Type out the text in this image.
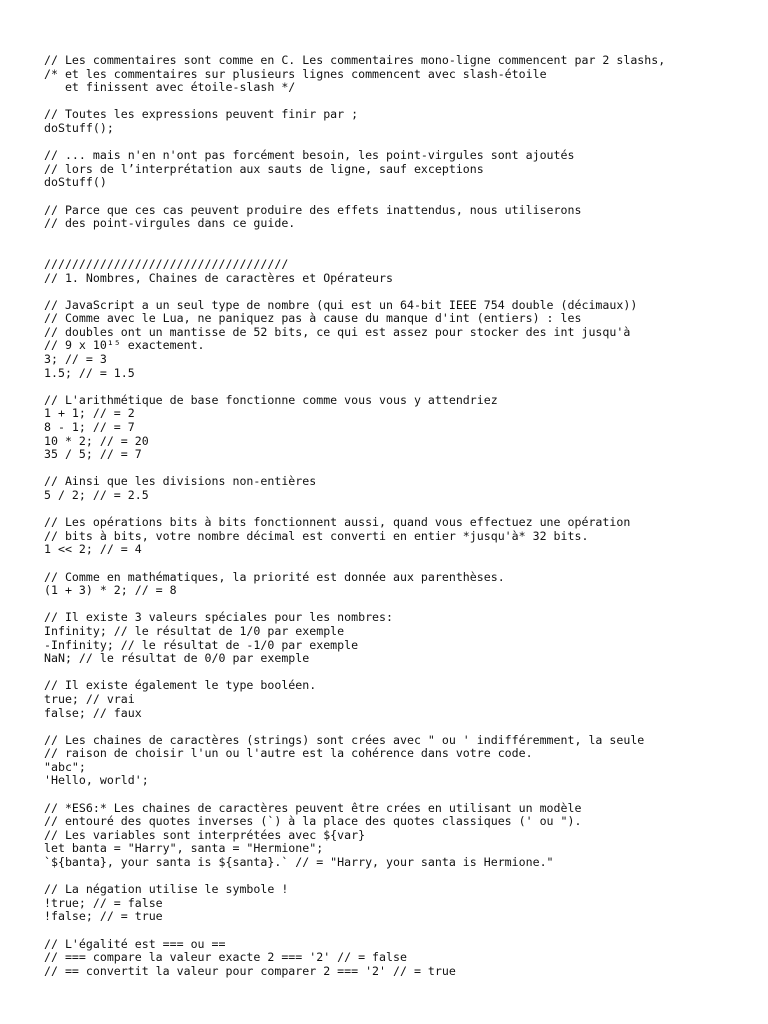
// Les commentaires sont comme en C. Les commentaires mono-ligne commencent par 2 slashs,
/* et les commentaires sur plusieurs lignes commencent avec slash-étoile
et finissent avec étoile-slash */
// Toutes les expressions peuvent finir par ;
doStuff();
// ... mais n'en n'ont pas forcément besoin, les point-virgules sont ajoutés
// lors de l’interprétation aux sauts de ligne, sauf exceptions
doStuff()
// Parce que ces cas peuvent produire des effets inattendus, nous utiliserons
// des point-virgules dans ce guide.
///////////////////////////////////
// 1. Nombres, Chaines de caractères et Opérateurs
// JavaScript a un seul type de nombre (qui est un 64-bit IEEE 754 double (décimaux))
// Comme avec le Lua, ne paniquez pas à cause du manque d'int (entiers) : les
// doubles ont un mantisse de 52 bits, ce qui est assez pour stocker des int jusqu'à
// 9 x 10¹⁵ exactement.
3; // = 3
1.5; // = 1.5
// L'arithmétique de base fonctionne comme vous vous y attendriez
1 + 1; // = 2
8 - 1; // = 7
10 * 2; // = 20
35 / 5; // = 7
// Ainsi que les divisions non-entières
5 / 2; // = 2.5
// Les opérations bits à bits fonctionnent aussi, quand vous effectuez une opération
// bits à bits, votre nombre décimal est converti en entier *jusqu'à* 32 bits.
1 << 2; // = 4
// Comme en mathématiques, la priorité est donnée aux parenthèses.
(1 + 3) * 2; // = 8
// Il existe 3 valeurs spéciales pour les nombres:
Infinity; // le résultat de 1/0 par exemple
-Infinity; // le résultat de -1/0 par exemple
NaN; // le résultat de 0/0 par exemple
// Il existe également le type booléen.
true; // vrai
false; // faux
// Les chaines de caractères (strings) sont crées avec " ou ' indifféremment, la seule
// raison de choisir l'un ou l'autre est la cohérence dans votre code.
"abc";
'Hello, world';
// *ES6:* Les chaines de caractères peuvent être crées en utilisant un modèle
// entouré des quotes inverses (`) à la place des quotes classiques (' ou ").
// Les variables sont interprétées avec ${var}
let banta = "Harry", santa = "Hermione";
`${banta}, your santa is ${santa}.` // = "Harry, your santa is Hermione."
// La négation utilise le symbole !
!true; // = false
!false; // = true
// L'égalité est === ou ==
// === compare la valeur exacte 2 === '2' // = false
// == convertit la valeur pour comparer 2 === '2' // = true
